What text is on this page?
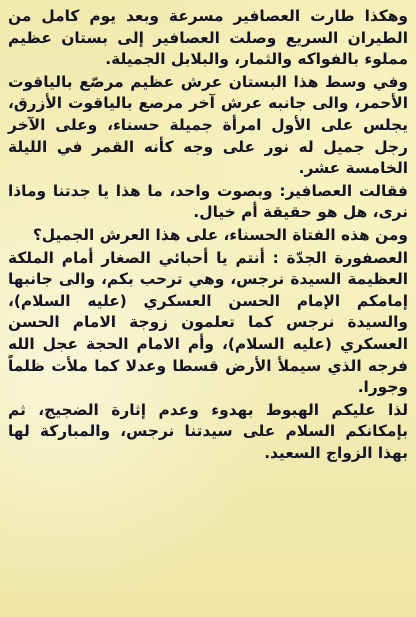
وهكذا طارت العصافير مسرعة وبعد يوم كامل من الطيران السريع وصلت العصافير إلى بستان عظيم مملوء بالفواكه والثمار، والبلابل الجميلة.

وفي وسط هذا البستان عرش عظيم مرصّع بالياقوت الأحمر، والى جانبه عرش آخر مرصع بالياقوت الأزرق، يجلس على الأول امرأة جميلة حسناء، وعلى الآخر رجل جميل له نور على وجه كأنه القمر في الليلة الخامسة عشر.

فقالت العصافير: وبصوت واحد، ما هذا يا جدتنا وماذا نرى، هل هو حقيقة أم خيال.

ومن هذه الفتاة الحسناء، على هذا العرش الجميل؟

العصفورة الجدّة : أنتم يا أحبائي الصغار أمام الملكة العظيمة السيدة نرجس، وهي ترحب بكم، والى جانبها إمامكم الإمام الحسن العسكري (عليه السلام)، والسيدة نرجس كما تعلمون زوجة الامام الحسن العسكري (عليه السلام)، وأم الامام الحجة عجل الله فرجه الذي سيملأ الأرض قسطا وعدلا كما ملأت ظلماً وجورا.

لذا عليكم الهبوط بهدوء وعدم إثارة الضجيج، ثم بإمكانكم السلام على سيدتنا نرجس، والمباركة لها بهذا الزواج السعيد.
